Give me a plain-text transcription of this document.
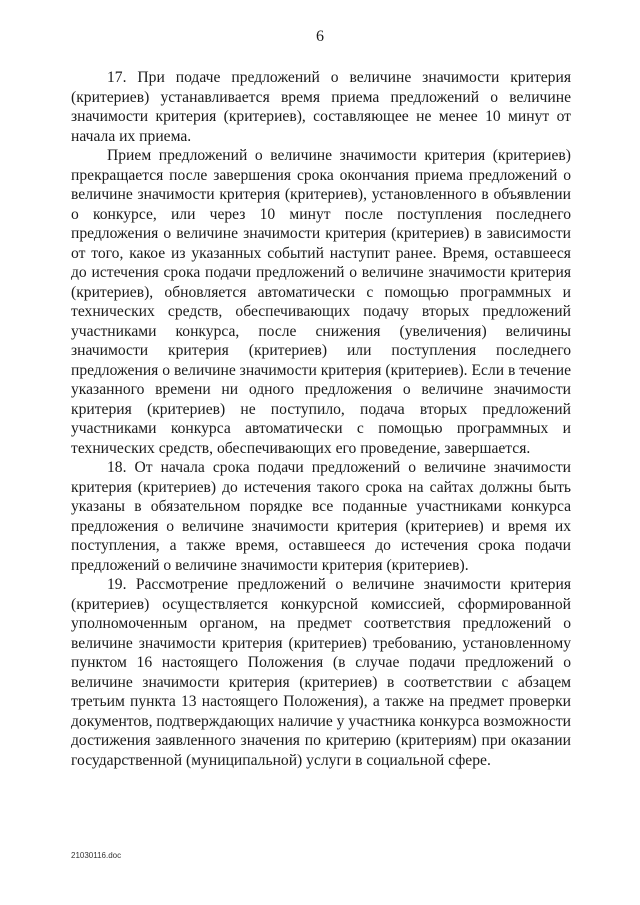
6

17. При подаче предложений о величине значимости критерия (критериев) устанавливается время приема предложений о величине значимости критерия (критериев), составляющее не менее 10 минут от начала их приема.

Прием предложений о величине значимости критерия (критериев) прекращается после завершения срока окончания приема предложений о величине значимости критерия (критериев), установленного в объявлении о конкурсе, или через 10 минут после поступления последнего предложения о величине значимости критерия (критериев) в зависимости от того, какое из указанных событий наступит ранее. Время, оставшееся до истечения срока подачи предложений о величине значимости критерия (критериев), обновляется автоматически с помощью программных и технических средств, обеспечивающих подачу вторых предложений участниками конкурса, после снижения (увеличения) величины значимости критерия (критериев) или поступления последнего предложения о величине значимости критерия (критериев). Если в течение указанного времени ни одного предложения о величине значимости критерия (критериев) не поступило, подача вторых предложений участниками конкурса автоматически с помощью программных и технических средств, обеспечивающих его проведение, завершается.

18. От начала срока подачи предложений о величине значимости критерия (критериев) до истечения такого срока на сайтах должны быть указаны в обязательном порядке все поданные участниками конкурса предложения о величине значимости критерия (критериев) и время их поступления, а также время, оставшееся до истечения срока подачи предложений о величине значимости критерия (критериев).

19. Рассмотрение предложений о величине значимости критерия (критериев) осуществляется конкурсной комиссией, сформированной уполномоченным органом, на предмет соответствия предложений о величине значимости критерия (критериев) требованию, установленному пунктом 16 настоящего Положения (в случае подачи предложений о величине значимости критерия (критериев) в соответствии с абзацем третьим пункта 13 настоящего Положения), а также на предмет проверки документов, подтверждающих наличие у участника конкурса возможности достижения заявленного значения по критерию (критериям) при оказании государственной (муниципальной) услуги в социальной сфере.

21030116.doc
